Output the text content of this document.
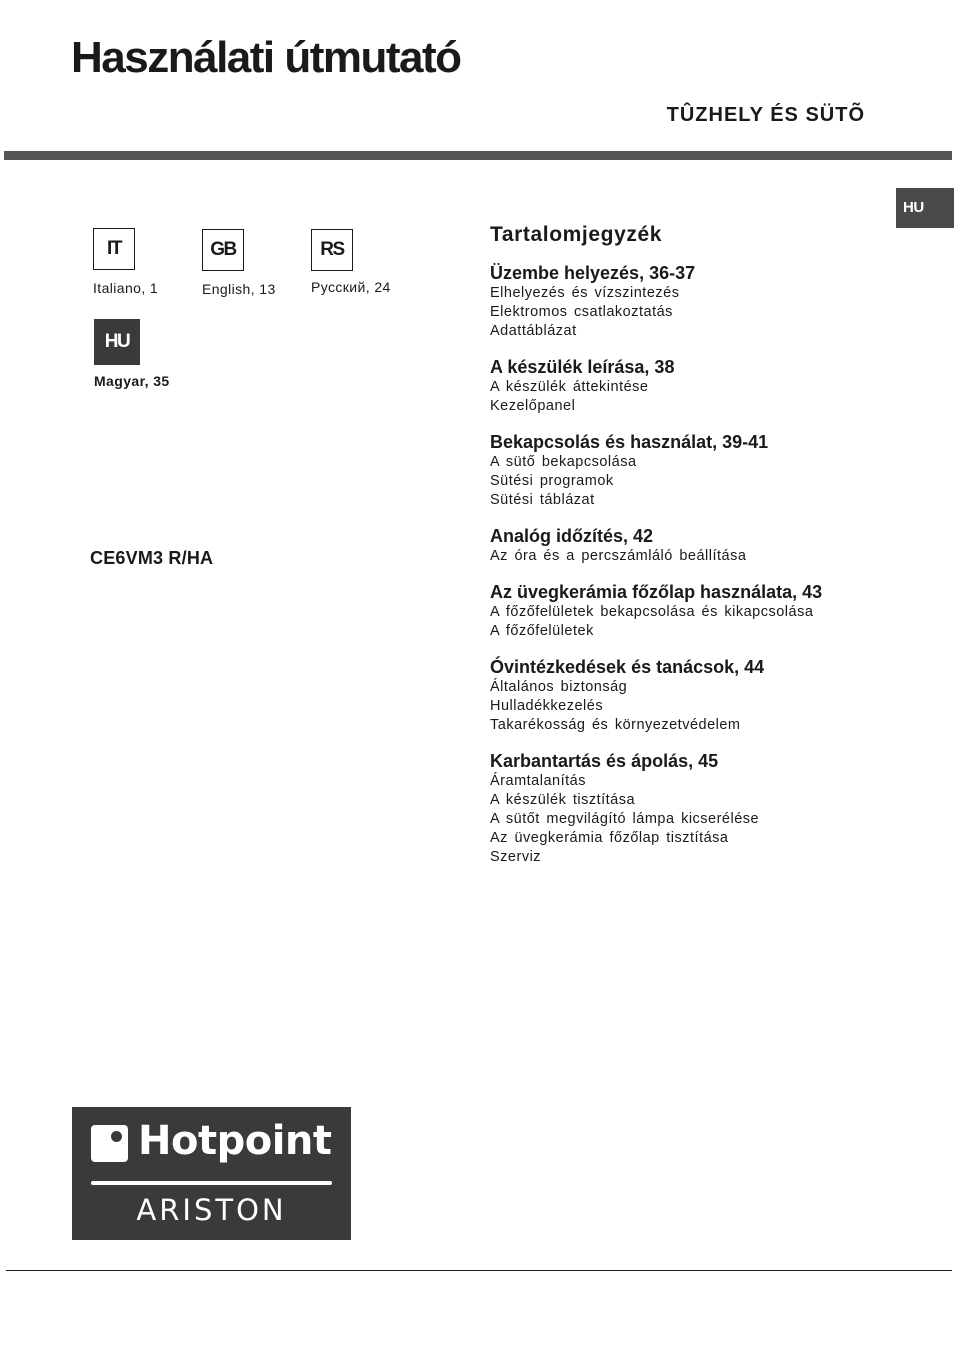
Használati útmutató
TÛZHELY ÉS SÜTÕ
HU
IT
Italiano, 1
GB
English, 13
RS
Русский, 24
HU
Magyar, 35
CE6VM3 R/HA
Tartalomjegyzék
Üzembe helyezés, 36-37
Elhelyezés és vízszintezés
Elektromos csatlakoztatás
Adattáblázat
A készülék leírása, 38
A készülék áttekintése
Kezelőpanel
Bekapcsolás és használat, 39-41
A sütő bekapcsolása
Sütési programok
Sütési táblázat
Analóg időzítés, 42
Az óra és a percszámláló beállítása
Az üvegkerámia főzőlap használata, 43
A főzőfelületek bekapcsolása és kikapcsolása
A főzőfelületek
Óvintézkedések és tanácsok, 44
Általános biztonság
Hulladékkezelés
Takarékosság és környezetvédelem
Karbantartás és ápolás, 45
Áramtalanítás
A készülék tisztítása
A sütőt megvilágító lámpa kicserélése
Az üvegkerámia főzőlap tisztítása
Szerviz
Hotpoint
ARISTON
